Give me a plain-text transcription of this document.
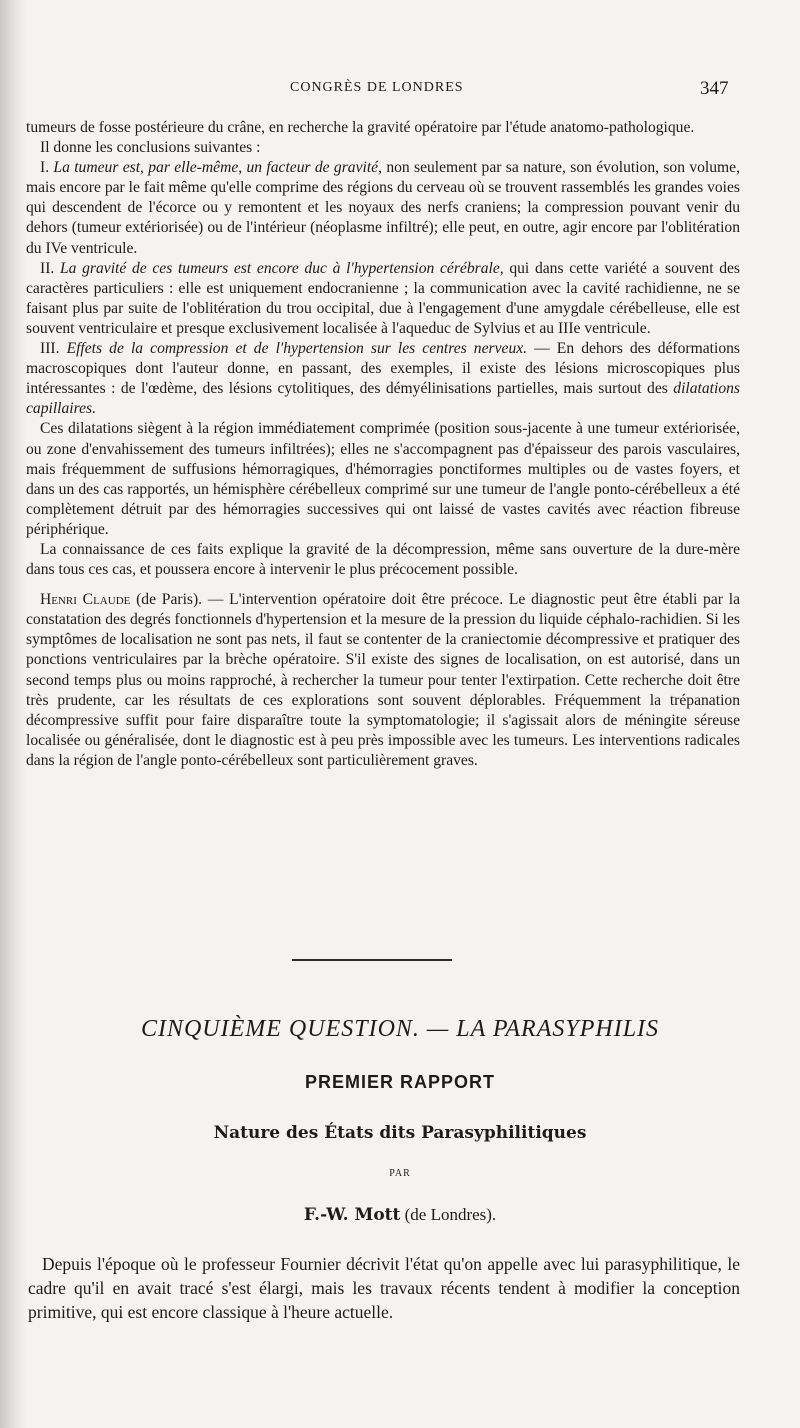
CONGRÈS DE LONDRES	347

tumeurs de fosse postérieure du crâne, en recherche la gravité opératoire par l'étude anatomo-pathologique.

Il donne les conclusions suivantes :

I. La tumeur est, par elle-même, un facteur de gravité, non seulement par sa nature, son évolution, son volume, mais encore par le fait même qu'elle comprime des régions du cerveau où se trouvent rassemblés les grandes voies qui descendent de l'écorce ou y remontent et les noyaux des nerfs craniens; la compression pouvant venir du dehors (tumeur extériorisée) ou de l'intérieur (néoplasme infiltré); elle peut, en outre, agir encore par l'oblitération du IVe ventricule.

II. La gravité de ces tumeurs est encore duc à l'hypertension cérébrale, qui dans cette variété a souvent des caractères particuliers : elle est uniquement endocranienne ; la communication avec la cavité rachidienne, ne se faisant plus par suite de l'oblitération du trou occipital, due à l'engagement d'une amygdale cérébelleuse, elle est souvent ventriculaire et presque exclusivement localisée à l'aqueduc de Sylvius et au IIIe ventricule.

III. Effets de la compression et de l'hypertension sur les centres nerveux. — En dehors des déformations macroscopiques dont l'auteur donne, en passant, des exemples, il existe des lésions microscopiques plus intéressantes : de l'œdème, des lésions cytolitiques, des démyélinisations partielles, mais surtout des dilatations capillaires.

Ces dilatations siègent à la région immédiatement comprimée (position sous-jacente à une tumeur extériorisée, ou zone d'envahissement des tumeurs infiltrées); elles ne s'accompagnent pas d'épaisseur des parois vasculaires, mais fréquemment de suffusions hémorragiques, d'hémorragies ponctiformes multiples ou de vastes foyers, et dans un des cas rapportés, un hémisphère cérébelleux comprimé sur une tumeur de l'angle ponto-cérébelleux a été complètement détruit par des hémorragies successives qui ont laissé de vastes cavités avec réaction fibreuse périphérique.

La connaissance de ces faits explique la gravité de la décompression, même sans ouverture de la dure-mère dans tous ces cas, et poussera encore à intervenir le plus précocement possible.

Henri Claude (de Paris). — L'intervention opératoire doit être précoce. Le diagnostic peut être établi par la constatation des degrés fonctionnels d'hypertension et la mesure de la pression du liquide céphalo-rachidien. Si les symptômes de localisation ne sont pas nets, il faut se contenter de la craniectomie décompressive et pratiquer des ponctions ventriculaires par la brèche opératoire. S'il existe des signes de localisation, on est autorisé, dans un second temps plus ou moins rapproché, à rechercher la tumeur pour tenter l'extirpation. Cette recherche doit être très prudente, car les résultats de ces explorations sont souvent déplorables. Fréquemment la trépanation décompressive suffit pour faire disparaître toute la symptomatologie; il s'agissait alors de méningite séreuse localisée ou généralisée, dont le diagnostic est à peu près impossible avec les tumeurs. Les interventions radicales dans la région de l'angle ponto-cérébelleux sont particulièrement graves.

CINQUIÈME QUESTION. — LA PARASYPHILIS
PREMIER RAPPORT
Nature des États dits Parasyphilitiques
PAR
F.-W. Mott (de Londres).

Depuis l'époque où le professeur Fournier décrivit l'état qu'on appelle avec lui parasyphilitique, le cadre qu'il en avait tracé s'est élargi, mais les travaux récents tendent à modifier la conception primitive, qui est encore classique à l'heure actuelle.
